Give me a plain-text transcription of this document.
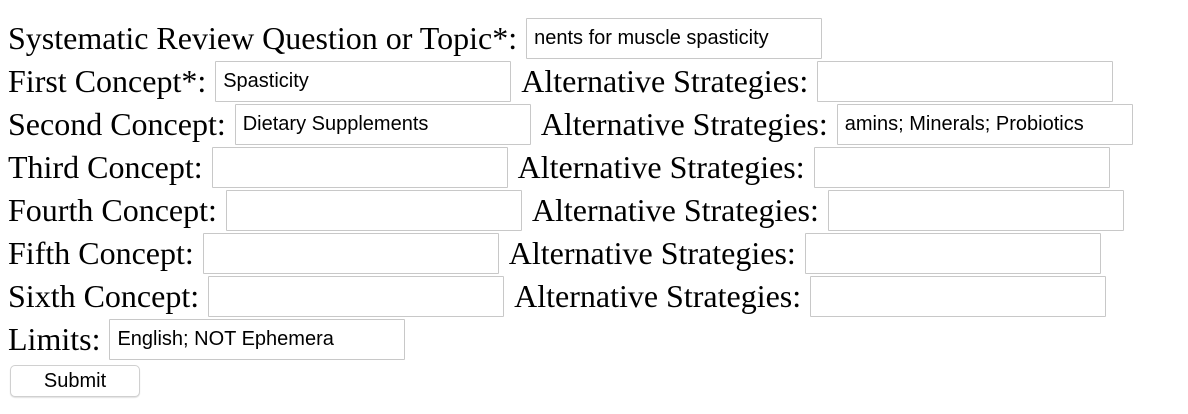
Systematic Review Question or Topic*:
nents for muscle spasticity
First Concept*:
Spasticity	Alternative Strategies:
Second Concept:
Dietary Supplements	Alternative Strategies:
amins; Minerals; Probiotics
Third Concept:	Alternative Strategies:
Fourth Concept:	Alternative Strategies:
Fifth Concept:	Alternative Strategies:
Sixth Concept:	Alternative Strategies:
Limits:
English; NOT Ephemera
Submit
